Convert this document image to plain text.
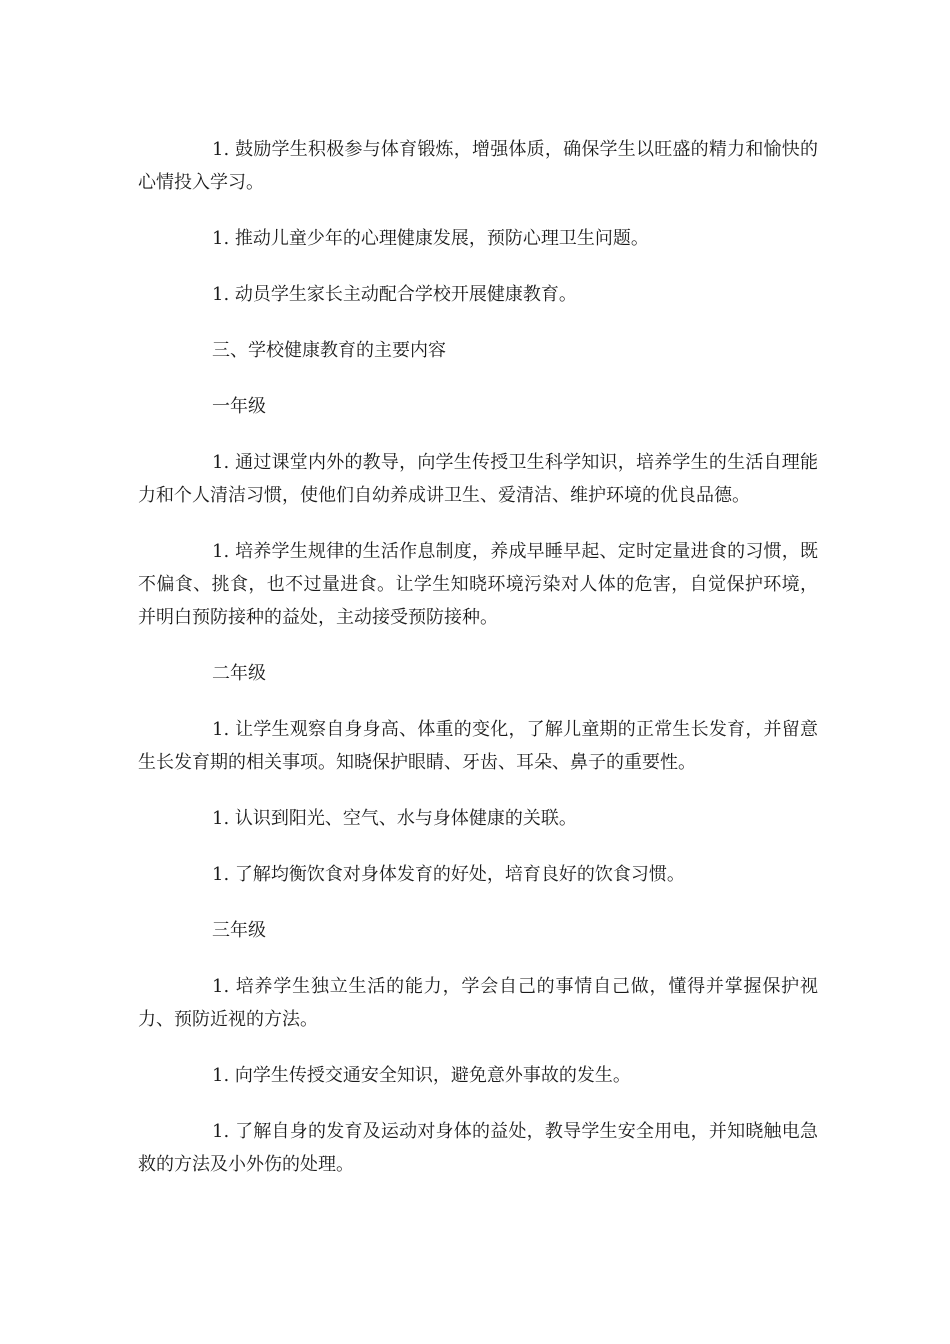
1. 鼓励学生积极参与体育锻炼，增强体质，确保学生以旺盛的精力和愉快的心情投入学习。

1. 推动儿童少年的心理健康发展，预防心理卫生问题。

1. 动员学生家长主动配合学校开展健康教育。

三、学校健康教育的主要内容

一年级

1. 通过课堂内外的教导，向学生传授卫生科学知识，培养学生的生活自理能力和个人清洁习惯，使他们自幼养成讲卫生、爱清洁、维护环境的优良品德。

1. 培养学生规律的生活作息制度，养成早睡早起、定时定量进食的习惯，既不偏食、挑食，也不过量进食。让学生知晓环境污染对人体的危害，自觉保护环境，并明白预防接种的益处，主动接受预防接种。

二年级

1. 让学生观察自身身高、体重的变化，了解儿童期的正常生长发育，并留意生长发育期的相关事项。知晓保护眼睛、牙齿、耳朵、鼻子的重要性。

1. 认识到阳光、空气、水与身体健康的关联。

1. 了解均衡饮食对身体发育的好处，培育良好的饮食习惯。

三年级

1. 培养学生独立生活的能力，学会自己的事情自己做，懂得并掌握保护视力、预防近视的方法。

1. 向学生传授交通安全知识，避免意外事故的发生。

1. 了解自身的发育及运动对身体的益处，教导学生安全用电，并知晓触电急救的方法及小外伤的处理。
